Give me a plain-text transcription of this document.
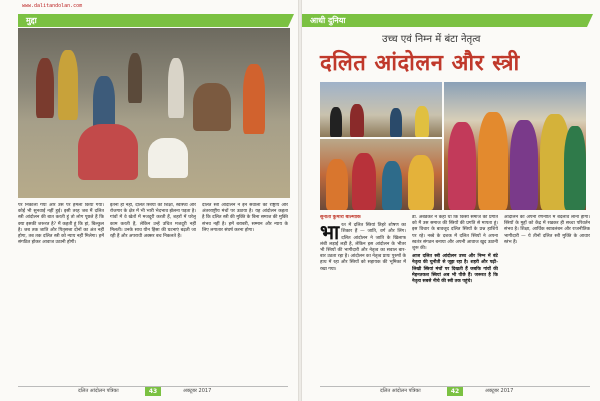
www.dalitandolan.com
मुद्दा

पर निकाला गया और उस पर हमला किया गया। कोई भी सुनवाई नहीं हुई। इसी तरह जब मैं दलित स्त्री आंदोलन की बात करती हूं तो लोग पूछते हैं कि क्या इसकी जरूरत है? मैं कहती हूं कि हां, बिल्कुल है। जब तक जाति और पितृसत्ता दोनों का अंत नहीं होगा, तब तक दलित स्त्री को न्याय नहीं मिलेगा। हमें संगठित होकर आवाज उठानी होगी।

इतना ही नहीं, दलित स्त्रियों को शिक्षा, स्वास्थ्य और रोजगार के क्षेत्र में भी भारी भेदभाव झेलना पड़ता है। गांवों में वे खेतों में मजदूरी करती हैं, शहरों में घरेलू काम करती हैं, लेकिन उन्हें उचित मजदूरी नहीं मिलती। उनके साथ यौन हिंसा की घटनाएं बढ़ती जा रही हैं और अपराधी अक्सर बच निकलते हैं।

दलित स्त्री आंदोलन ने इन सवालों को राष्ट्रीय और अंतरराष्ट्रीय मंचों पर उठाया है। यह आंदोलन कहता है कि दलित स्त्री की मुक्ति के बिना समाज की मुक्ति संभव नहीं है। हमें बराबरी, सम्मान और न्याय के लिए लगातार संघर्ष करना होगा।

दलित आंदोलन पत्रिका	43	अक्टूबर 2017
आधी दुनिया
उच्च एवं निम्न में बंटा नेतृत्व
दलित आंदोलन और स्त्री
सुनीता कुमारी बाल्मीकि
भा रत में दलित स्त्रियां तिहरे शोषण का शिकार हैं — जाति, वर्ग और लिंग। दलित आंदोलन ने जाति के खिलाफ लंबी लड़ाई लड़ी है, लेकिन इस आंदोलन के भीतर भी स्त्रियों की भागीदारी और नेतृत्व का सवाल बार-बार उठता रहा है। आंदोलन का नेतृत्व प्रायः पुरुषों के हाथ में रहा और स्त्रियों को सहायक की भूमिका में रखा गया।

डॉ. अंबेडकर ने कहा था कि किसी समाज की प्रगति को मैं उस समाज की स्त्रियों की प्रगति से मापता हूं। इस विचार के बावजूद दलित स्त्रियों के प्रश्न हाशिये पर रहे। नब्बे के दशक में दलित स्त्रियों ने अपना स्वतंत्र संगठन बनाया और अपनी आवाज खुद उठानी शुरू की।

आज दलित स्त्री आंदोलन उच्च और निम्न में बंटे नेतृत्व की चुनौती से जूझ रहा है। शहरी और पढ़ी-लिखी स्त्रियां मंचों पर दिखती हैं जबकि गांवों की मेहनतकश स्त्रियां अब भी पीछे हैं। जरूरत है कि नेतृत्व सबसे नीचे की स्त्री तक पहुंचे।

आंदोलन को अपनी रणनीति में बदलाव लाना होगा। स्त्रियों के मुद्दों को केंद्र में रखकर ही सच्चा परिवर्तन संभव है। शिक्षा, आर्थिक स्वावलंबन और राजनीतिक भागीदारी — ये तीनों दलित स्त्री मुक्ति के आधार स्तंभ हैं।

दलित आंदोलन पत्रिका	42	अक्टूबर 2017
